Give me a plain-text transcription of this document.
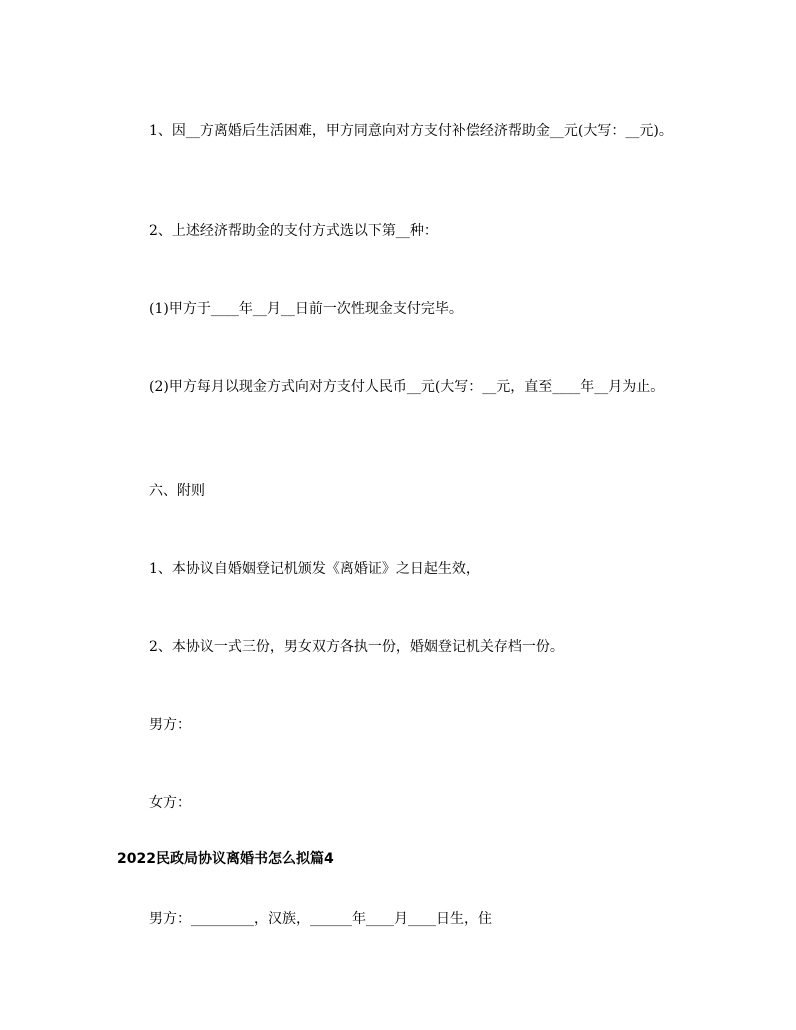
1、因__方离婚后生活困难，甲方同意向对方支付补偿经济帮助金__元(大写：__元)。
2、上述经济帮助金的支付方式选以下第__种：
(1)甲方于____年__月__日前一次性现金支付完毕。
(2)甲方每月以现金方式向对方支付人民币__元(大写：__元，直至____年__月为止。
六、附则
1、本协议自婚姻登记机颁发《离婚证》之日起生效，
2、本协议一式三份，男女双方各执一份，婚姻登记机关存档一份。
男方：
女方：
2022民政局协议离婚书怎么拟篇4
男方：_________，汉族，______年____月____日生，住
